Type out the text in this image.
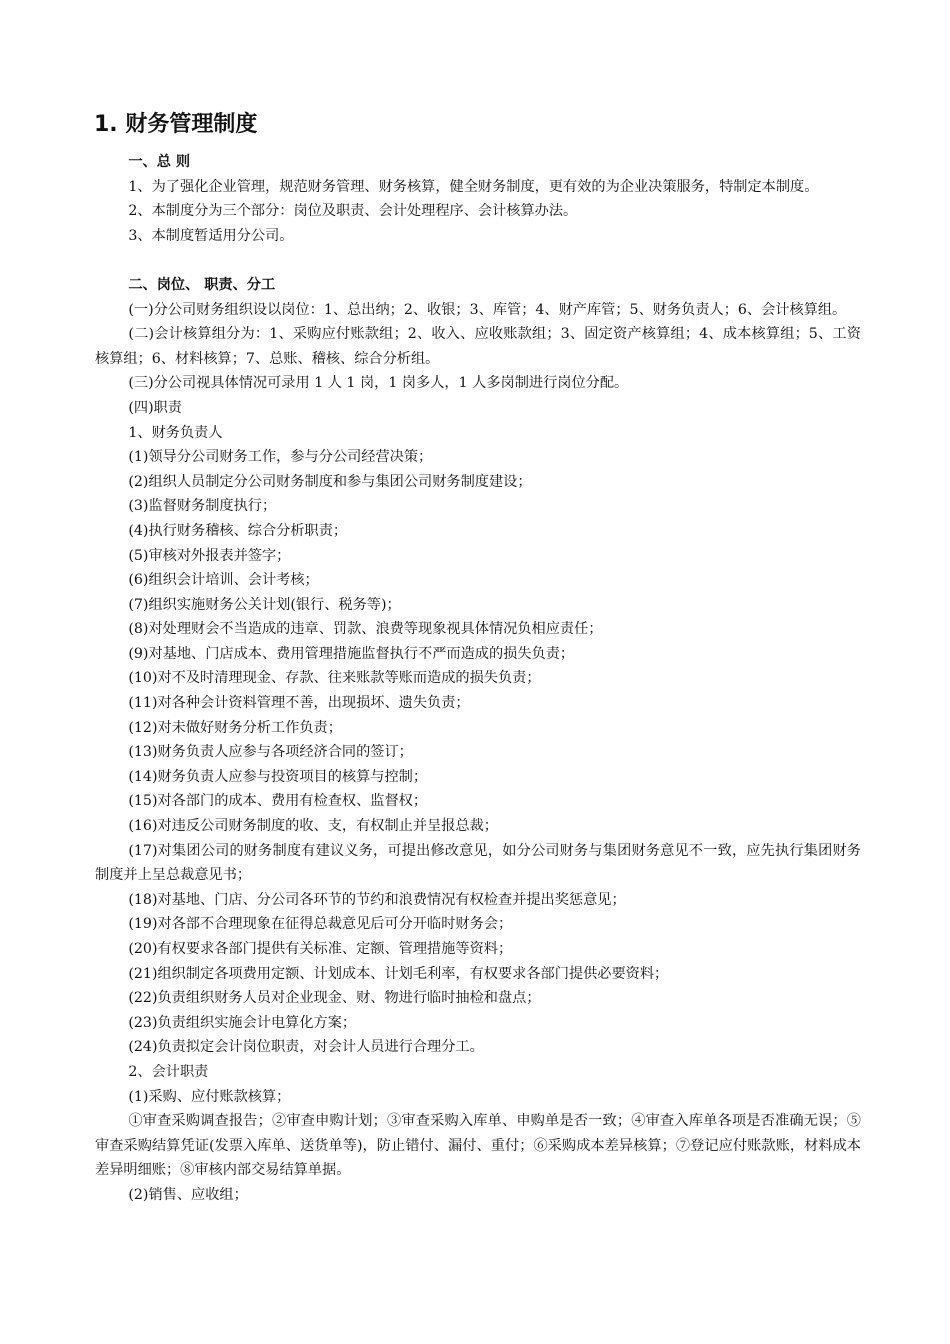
1. 财务管理制度

一、总 则

1、为了强化企业管理，规范财务管理、财务核算，健全财务制度，更有效的为企业决策服务，特制定本制度。

2、本制度分为三个部分：岗位及职责、会计处理程序、会计核算办法。

3、本制度暂适用分公司。

二、岗位、 职责、分工

(一)分公司财务组织设以岗位：1、总出纳；2、收银；3、库管；4、财产库管；5、财务负责人；6、会计核算组。

(二)会计核算组分为：1、采购应付账款组；2、收入、应收账款组；3、固定资产核算组；4、成本核算组；5、工资核算组；6、材料核算；7、总账、稽核、综合分析组。

(三)分公司视具体情况可录用 1 人 1 岗，1 岗多人，1 人多岗制进行岗位分配。

(四)职责

1、财务负责人

(1)领导分公司财务工作，参与分公司经营决策；

(2)组织人员制定分公司财务制度和参与集团公司财务制度建设；

(3)监督财务制度执行；

(4)执行财务稽核、综合分析职责；

(5)审核对外报表并签字；

(6)组织会计培训、会计考核；

(7)组织实施财务公关计划(银行、税务等)；

(8)对处理财会不当造成的违章、罚款、浪费等现象视具体情况负相应责任；

(9)对基地、门店成本、费用管理措施监督执行不严而造成的损失负责；

(10)对不及时清理现金、存款、往来账款等账而造成的损失负责；

(11)对各种会计资料管理不善，出现损坏、遗失负责；

(12)对未做好财务分析工作负责；

(13)财务负责人应参与各项经济合同的签订；

(14)财务负责人应参与投资项目的核算与控制；

(15)对各部门的成本、费用有检查权、监督权；

(16)对违反公司财务制度的收、支，有权制止并呈报总裁；

(17)对集团公司的财务制度有建议义务，可提出修改意见，如分公司财务与集团财务意见不一致，应先执行集团财务制度并上呈总裁意见书；

(18)对基地、门店、分公司各环节的节约和浪费情况有权检查并提出奖惩意见；

(19)对各部不合理现象在征得总裁意见后可分开临时财务会；

(20)有权要求各部门提供有关标准、定额、管理措施等资料；

(21)组织制定各项费用定额、计划成本、计划毛利率，有权要求各部门提供必要资料；

(22)负责组织财务人员对企业现金、财、物进行临时抽检和盘点；

(23)负责组织实施会计电算化方案；

(24)负责拟定会计岗位职责，对会计人员进行合理分工。

2、会计职责

(1)采购、应付账款核算；

①审查采购调查报告；②审查申购计划；③审查采购入库单、申购单是否一致；④审查入库单各项是否准确无误；⑤审查采购结算凭证(发票入库单、送货单等)，防止错付、漏付、重付；⑥采购成本差异核算；⑦登记应付账款账，材料成本差异明细账；⑧审核内部交易结算单据。

(2)销售、应收组；
